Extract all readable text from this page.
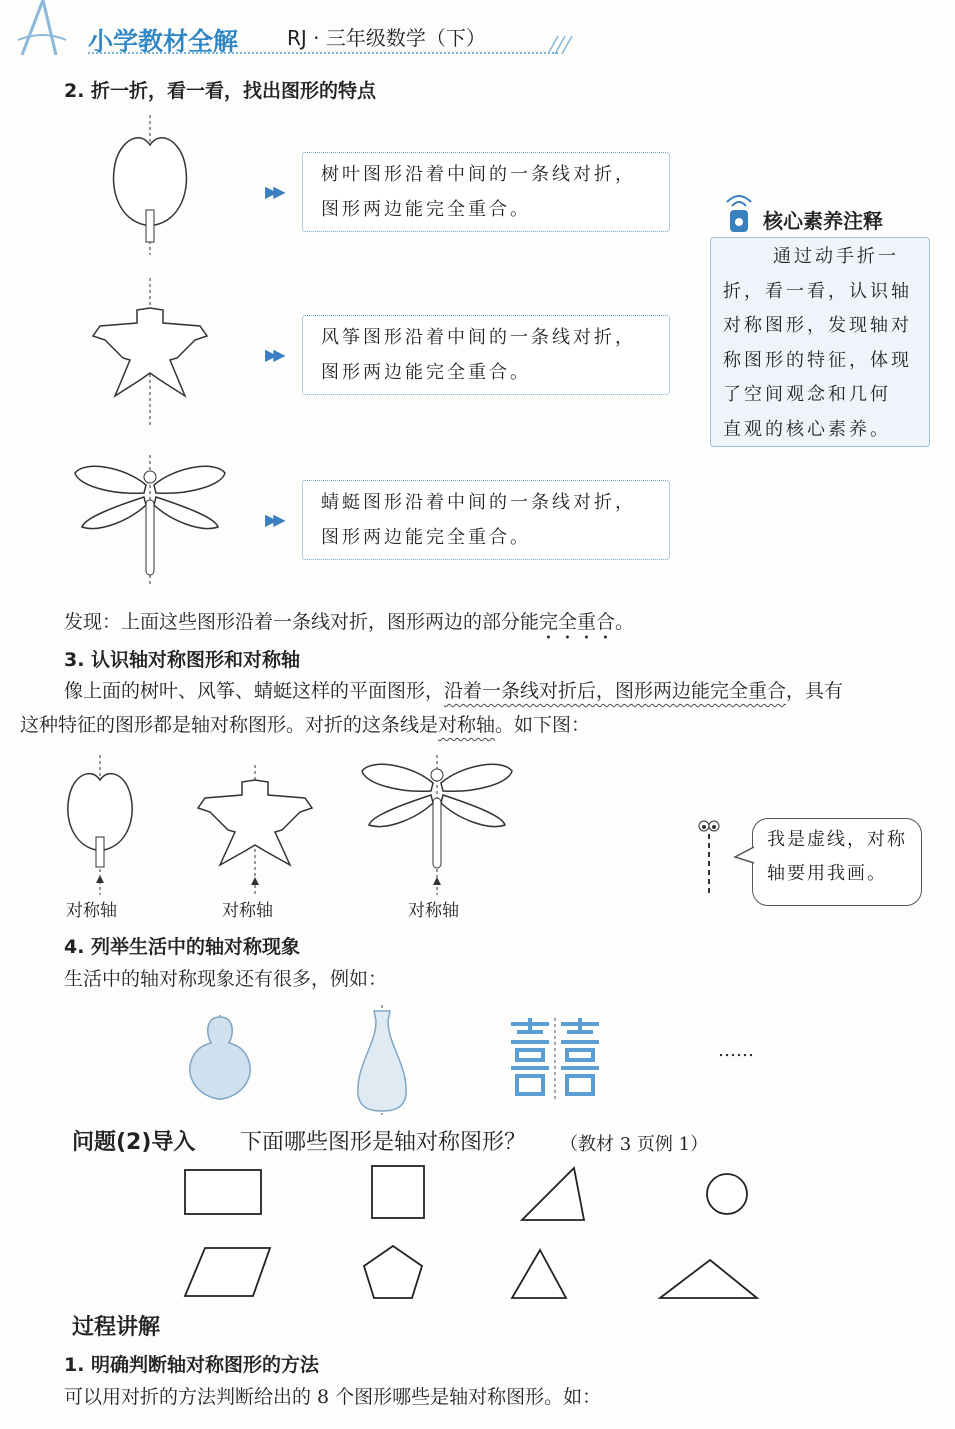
小学教材全解 RJ · 三年级数学（下）
2. 折一折，看一看，找出图形的特点
▶▶
树叶图形沿着中间的一条线对折，
图形两边能完全重合。
▶▶
风筝图形沿着中间的一条线对折，
图形两边能完全重合。
▶▶
蜻蜓图形沿着中间的一条线对折，
图形两边能完全重合。
核心素养注释
通过动手折一
折，看一看，认识轴
对称图形，发现轴对
称图形的特征，体现
了空间观念和几何
直观的核心素养。
发现：上面这些图形沿着一条线对折，图形两边的部分能完全重合。
3. 认识轴对称图形和对称轴
像上面的树叶、风筝、蜻蜓这样的平面图形，沿着一条线对折后，图形两边能完全重合，具有
这种特征的图形都是轴对称图形。对折的这条线是对称轴。如下图：
对称轴	对称轴	对称轴
我是虚线，对称
轴要用我画。
4. 列举生活中的轴对称现象
生活中的轴对称现象还有很多，例如：
……
问题(2)导入 下面哪些图形是轴对称图形？ （教材 3 页例 1）
过程讲解
1. 明确判断轴对称图形的方法
可以用对折的方法判断给出的 8 个图形哪些是轴对称图形。如：
